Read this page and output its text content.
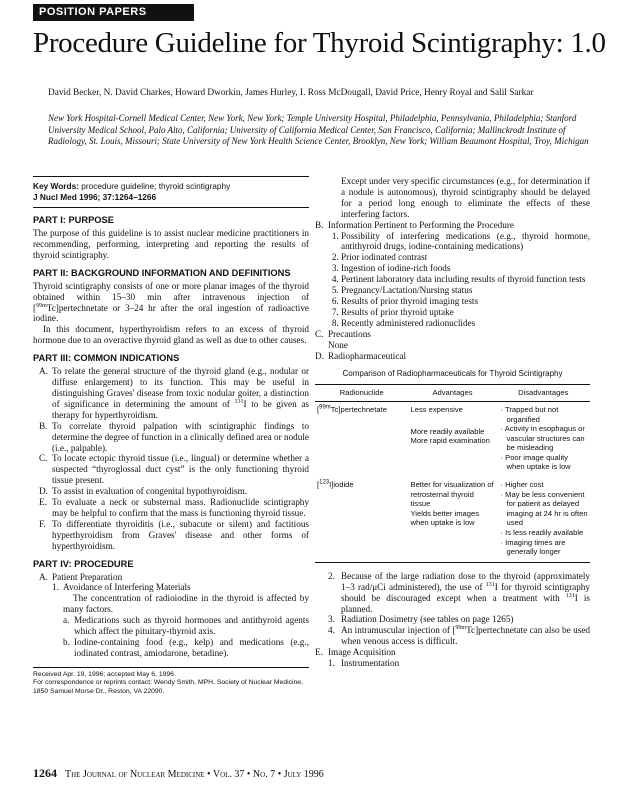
POSITION PAPERS
Procedure Guideline for Thyroid Scintigraphy: 1.0
David Becker, N. David Charkes, Howard Dworkin, James Hurley, I. Ross McDougall, David Price, Henry Royal and Salil Sarkar
New York Hospital-Cornell Medical Center, New York, New York; Temple University Hospital, Philadelphia, Pennsylvania, Philadelphia; Stanford University Medical School, Palo Alto, California; University of California Medical Center, San Francisco, California; Mallinckrodt Institute of Radiology, St. Louis, Missouri; State University of New York Health Science Center, Brooklyn, New York; William Beaumont Hospital, Troy, Michigan
Key Words: procedure guideline; thyroid scintigraphy
J Nucl Med 1996; 37:1264–1266
PART I: PURPOSE

The purpose of this guideline is to assist nuclear medicine practitioners in recommending, performing, interpreting and reporting the results of thyroid scintigraphy.

PART II: BACKGROUND INFORMATION AND DEFINITIONS

Thyroid scintigraphy consists of one or more planar images of the thyroid obtained within 15–30 min after intravenous injection of [$^{99m}$Tc]pertechnetate or 3–24 hr after the oral ingestion of radioactive iodine.

In this document, hyperthyroidism refers to an excess of thyroid hormone due to an overactive thyroid gland as well as due to other causes.

PART III: COMMON INDICATIONS
A. To relate the general structure of the thyroid gland (e.g., nodular or diffuse enlargement) to its function. This may be useful in distinguishing Graves' disease from toxic nodular goiter, a distinction of significance in determining the amount of $^{131}$I to be given as therapy for hyperthyroidism.
B. To correlate thyroid palpation with scintigraphic findings to determine the degree of function in a clinically defined area or nodule (i.e., palpable).
C. To locate ectopic thyroid tissue (i.e., lingual) or determine whether a suspected “thyroglossal duct cyst” is the only functioning thyroid tissue present.
D. To assist in evaluation of congenital hypothyroidism.
E. To evaluate a neck or substernal mass. Radionuclide scintigraphy may be helpful to confirm that the mass is functioning thyroid tissue.
F. To differentiate thyroiditis (i.e., subacute or silent) and factitious hyperthyroidism from Graves' disease and other forms of hyperthyroidism.
PART IV: PROCEDURE
A. Patient Preparation
1. Avoidance of Interfering Materials

The concentration of radioiodine in the thyroid is affected by many factors.

a. Medications such as thyroid hormones and antithyroid agents which affect the pituitary-thyroid axis.
b. Iodine-containing food (e.g., kelp) and medications (e.g., iodinated contrast, amiodarone, betadine).
Received Apr. 19, 1996; accepted May 6, 1996.
For correspondence or reprints contact: Wendy Smith, MPH, Society of Nuclear Medicine, 1850 Samuel Morse Dr., Reston, VA 22090.

Except under very specific circumstances (e.g., for determination if a nodule is autonomous), thyroid scintigraphy should be delayed for a period long enough to eliminate the effects of these interfering factors.

B. Information Pertinent to Performing the Procedure
1. Possibility of interfering medications (e.g., thyroid hormone, antithyroid drugs, iodine-containing medications)
2. Prior iodinated contrast
3. Ingestion of iodine-rich foods
4. Pertinent laboratory data including results of thyroid function tests
5. Pregnancy/Lactation/Nursing status
6. Results of prior thyroid imaging tests
7. Results of prior thyroid uptake
8. Recently administered radionuclides
C. Precautions
None
D. Radiopharmaceutical
Comparison of Radiopharmaceuticals for Thyroid Scintigraphy
Radionuclide	Advantages	Disadvantages
[$^{99m}$Tc]pertechnetate	Less expensive
More readily available
More rapid examination	· Trapped but not organified
· Activity in esophagus or vascular structures can be misleading
· Poor image quality when uptake is low

[$^{123}$I]iodide	Better for visualization of retrosternal thyroid tissue
Yields better images when uptake is low	· Higher cost
· May be less convenient for patient as delayed imaging at 24 hr is often used
· Is less readily available
· Imaging times are generally longer
2. Because of the large radiation dose to the thyroid (approximately 1–3 rad/μCi administered), the use of $^{131}$I for thyroid scintigraphy should be discouraged except when a treatment with $^{131}$I is planned.
3. Radiation Dosimetry (see tables on page 1265)
4. An intramuscular injection of [$^{99m}$Tc]pertechnetate can also be used when venous access is difficult.
E. Image Acquisition
1. Instrumentation
1264 The Journal of Nuclear Medicine • Vol. 37 • No. 7 • July 1996
